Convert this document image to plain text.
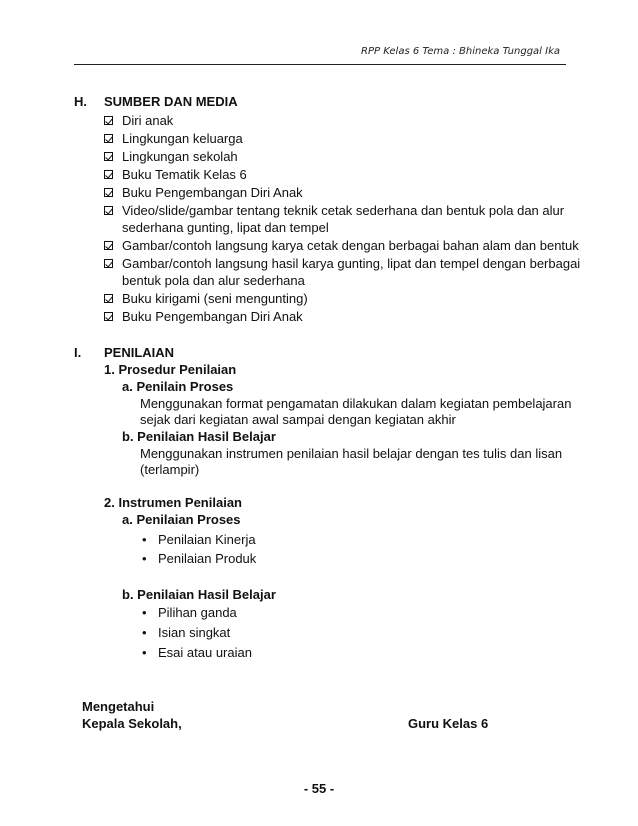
RPP Kelas 6 Tema : Bhineka Tunggal Ika
H. SUMBER DAN MEDIA
Diri anak
Lingkungan keluarga
Lingkungan sekolah
Buku Tematik Kelas 6
Buku Pengembangan Diri Anak
Video/slide/gambar tentang teknik cetak sederhana dan bentuk pola dan alur
sederhana gunting, lipat dan tempel
Gambar/contoh langsung karya cetak dengan berbagai bahan alam dan bentuk
Gambar/contoh langsung hasil karya gunting, lipat dan tempel dengan berbagai
bentuk pola dan alur sederhana
Buku kirigami (seni mengunting)
Buku Pengembangan Diri Anak
I. PENILAIAN
1. Prosedur Penilaian
a. Penilain Proses
Menggunakan format pengamatan dilakukan dalam kegiatan pembelajaran
sejak dari kegiatan awal sampai dengan kegiatan akhir
b. Penilaian Hasil Belajar
Menggunakan instrumen penilaian hasil belajar dengan tes tulis dan lisan
(terlampir)
2. Instrumen Penilaian
a. Penilaian Proses
• Penilaian Kinerja
• Penilaian Produk
b. Penilaian Hasil Belajar
• Pilihan ganda
• Isian singkat
• Esai atau uraian
Mengetahui
Kepala Sekolah,	Guru Kelas 6
- 55 -
